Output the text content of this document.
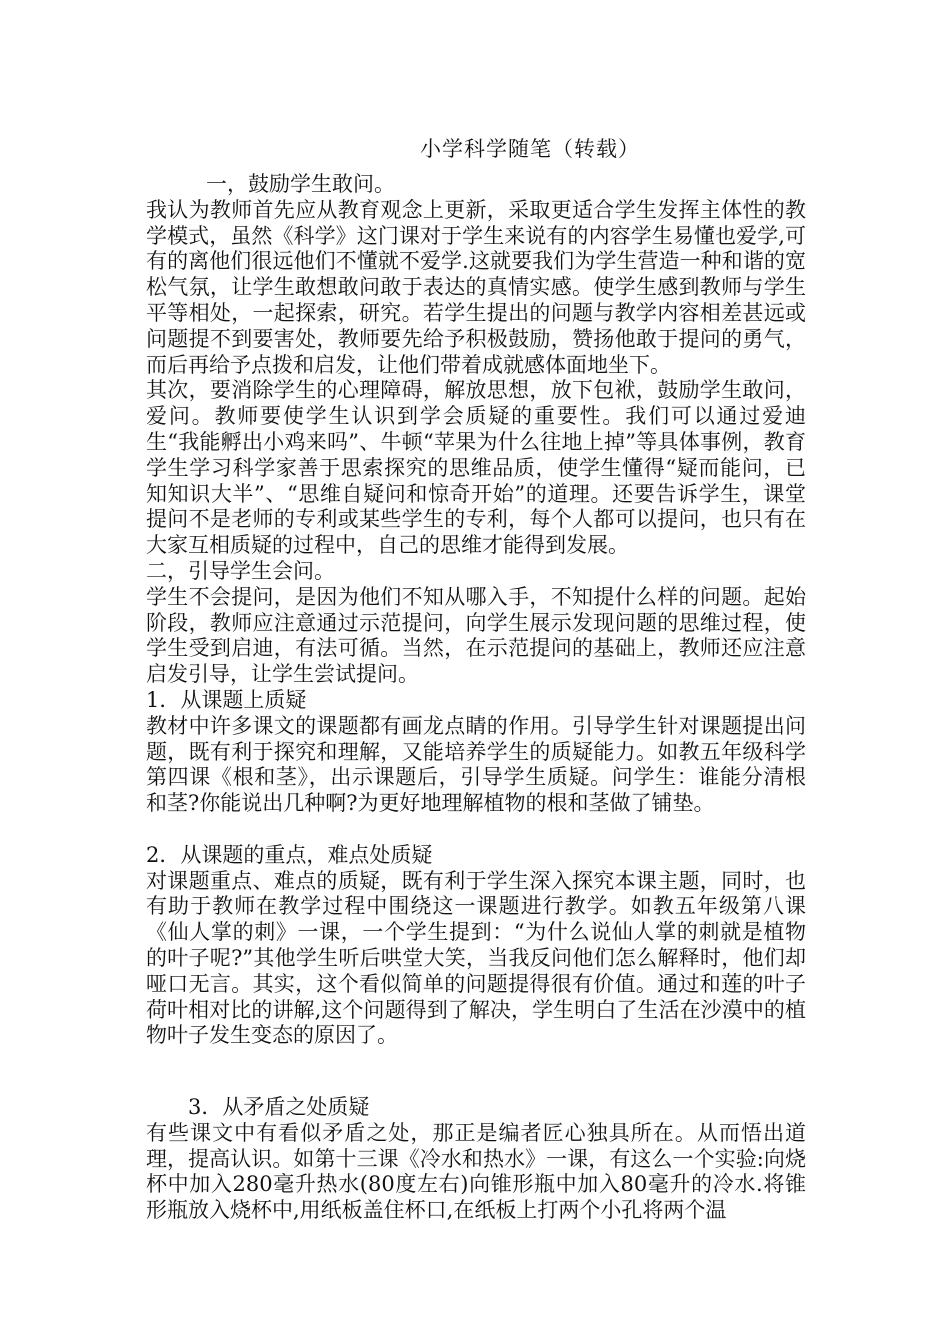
小学科学随笔（转载）

一，鼓励学生敢问。

我认为教师首先应从教育观念上更新，采取更适合学生发挥主体性的教学模式，虽然《科学》这门课对于学生来说有的内容学生易懂也爱学,可有的离他们很远他们不懂就不爱学.这就要我们为学生营造一种和谐的宽松气氛，让学生敢想敢问敢于表达的真情实感。使学生感到教师与学生平等相处，一起探索，研究。若学生提出的问题与教学内容相差甚远或问题提不到要害处，教师要先给予积极鼓励，赞扬他敢于提问的勇气，而后再给予点拨和启发，让他们带着成就感体面地坐下。

其次，要消除学生的心理障碍，解放思想，放下包袱，鼓励学生敢问，爱问。教师要使学生认识到学会质疑的重要性。我们可以通过爱迪生“我能孵出小鸡来吗”、牛顿“苹果为什么往地上掉”等具体事例，教育学生学习科学家善于思索探究的思维品质，使学生懂得“疑而能问，已知知识大半”、“思维自疑问和惊奇开始”的道理。还要告诉学生，课堂提问不是老师的专利或某些学生的专利，每个人都可以提问，也只有在大家互相质疑的过程中，自己的思维才能得到发展。

二，引导学生会问。

学生不会提问，是因为他们不知从哪入手，不知提什么样的问题。起始阶段，教师应注意通过示范提问，向学生展示发现问题的思维过程，使学生受到启迪，有法可循。当然，在示范提问的基础上，教师还应注意启发引导，让学生尝试提问。

1．从课题上质疑

教材中许多课文的课题都有画龙点睛的作用。引导学生针对课题提出问题，既有利于探究和理解，又能培养学生的质疑能力。如教五年级科学第四课《根和茎》，出示课题后，引导学生质疑。问学生：谁能分清根和茎?你能说出几种啊?为更好地理解植物的根和茎做了铺垫。

2．从课题的重点，难点处质疑

对课题重点、难点的质疑，既有利于学生深入探究本课主题，同时，也有助于教师在教学过程中围绕这一课题进行教学。如教五年级第八课《仙人掌的刺》一课，一个学生提到：“为什么说仙人掌的刺就是植物的叶子呢?”其他学生听后哄堂大笑，当我反问他们怎么解释时，他们却哑口无言。其实，这个看似简单的问题提得很有价值。通过和莲的叶子荷叶相对比的讲解,这个问题得到了解决，学生明白了生活在沙漠中的植物叶子发生变态的原因了。

3．从矛盾之处质疑

有些课文中有看似矛盾之处，那正是编者匠心独具所在。从而悟出道理，提高认识。如第十三课《冷水和热水》一课，有这么一个实验:向烧杯中加入280毫升热水(80度左右)向锥形瓶中加入80毫升的冷水.将锥形瓶放入烧杯中,用纸板盖住杯口,在纸板上打两个小孔将两个温
